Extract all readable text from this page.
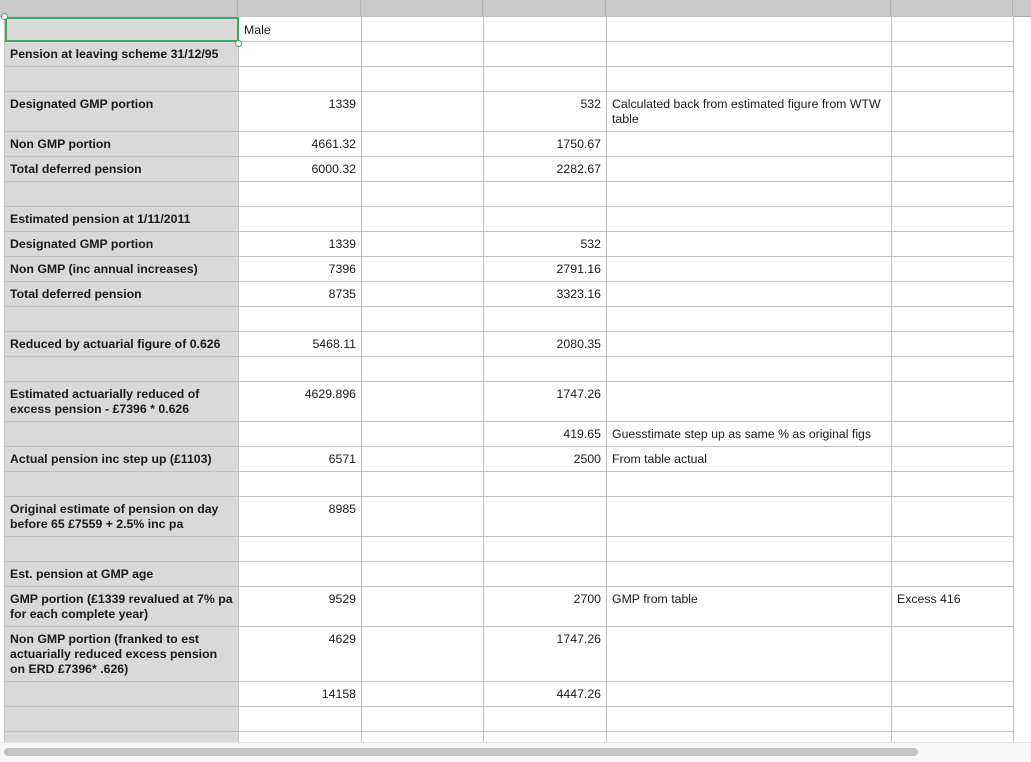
	Male				
Pension at leaving scheme 31/12/95					

Designated GMP portion	1339		532	Calculated back from estimated figure from WTW table	
Non GMP portion	4661.32		1750.67		
Total deferred pension	6000.32		2282.67		

Estimated pension at 1/11/2011					
Designated GMP portion	1339		532		
Non GMP (inc annual increases)	7396		2791.16		
Total deferred pension	8735		3323.16		

Reduced by actuarial figure of 0.626	5468.11		2080.35		

Estimated actuarially reduced of excess pension - £7396 * 0.626	4629.896		1747.26		
			419.65	Guesstimate step up as same % as original figs	
Actual pension inc step up (£1103)	6571		2500	From table actual	

Original estimate of pension on day before 65 £7559 + 2.5% inc pa	8985				

Est. pension at GMP age					
GMP portion (£1339 revalued at 7% pa for each complete year)	9529		2700	GMP from table	Excess 416
Non GMP portion (franked to est actuarially reduced excess pension on ERD £7396* .626)	4629		1747.26		
	14158		4447.26		
